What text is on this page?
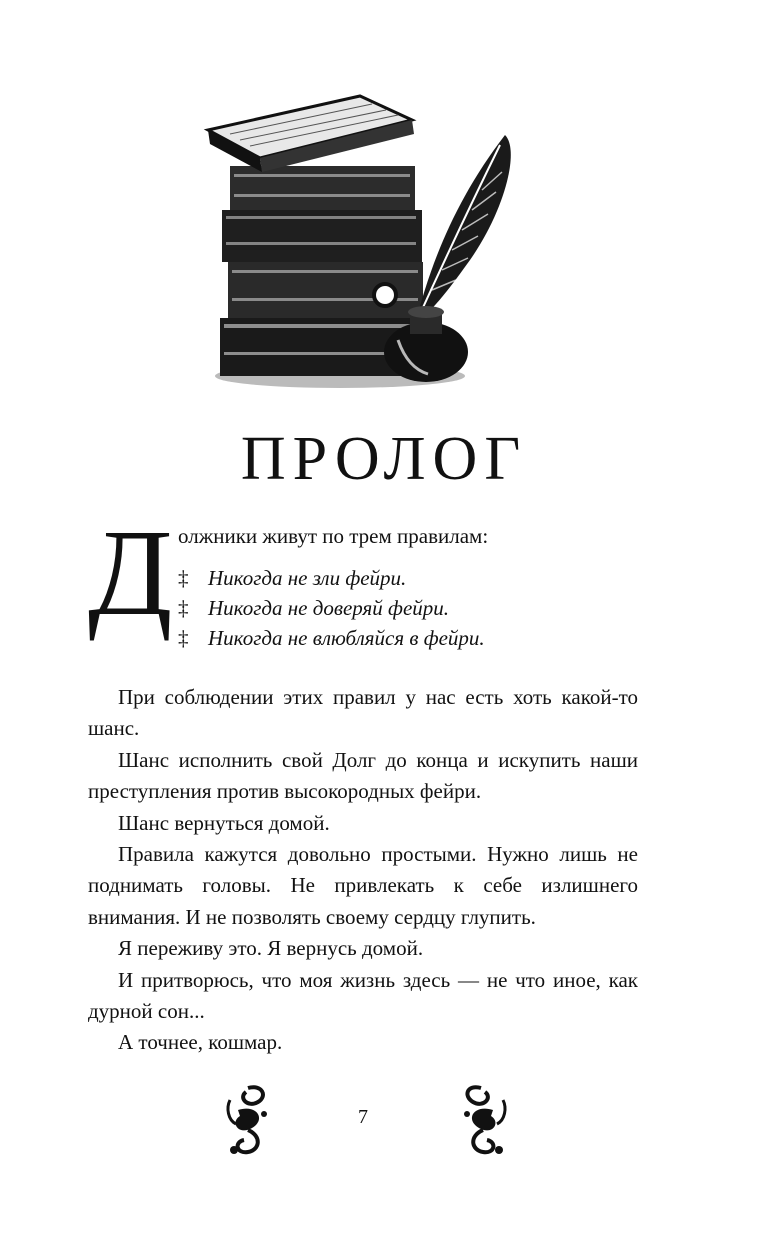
ПРОЛОГ
Д олжники живут по трем правилам:
‡ Никогда не зли фейри.
‡ Никогда не доверяй фейри.
‡ Никогда не влюбляйся в фейри.

При соблюдении этих правил у нас есть хоть какой-то шанс.

Шанс исполнить свой Долг до конца и искупить наши преступления против высокородных фейри.

Шанс вернуться домой.

Правила кажутся довольно простыми. Нужно лишь не поднимать головы. Не привлекать к себе излишнего внимания. И не позволять своему сердцу глупить.

Я переживу это. Я вернусь домой.

И притворюсь, что моя жизнь здесь — не что иное, как дурной сон...

А точнее, кошмар.

7
